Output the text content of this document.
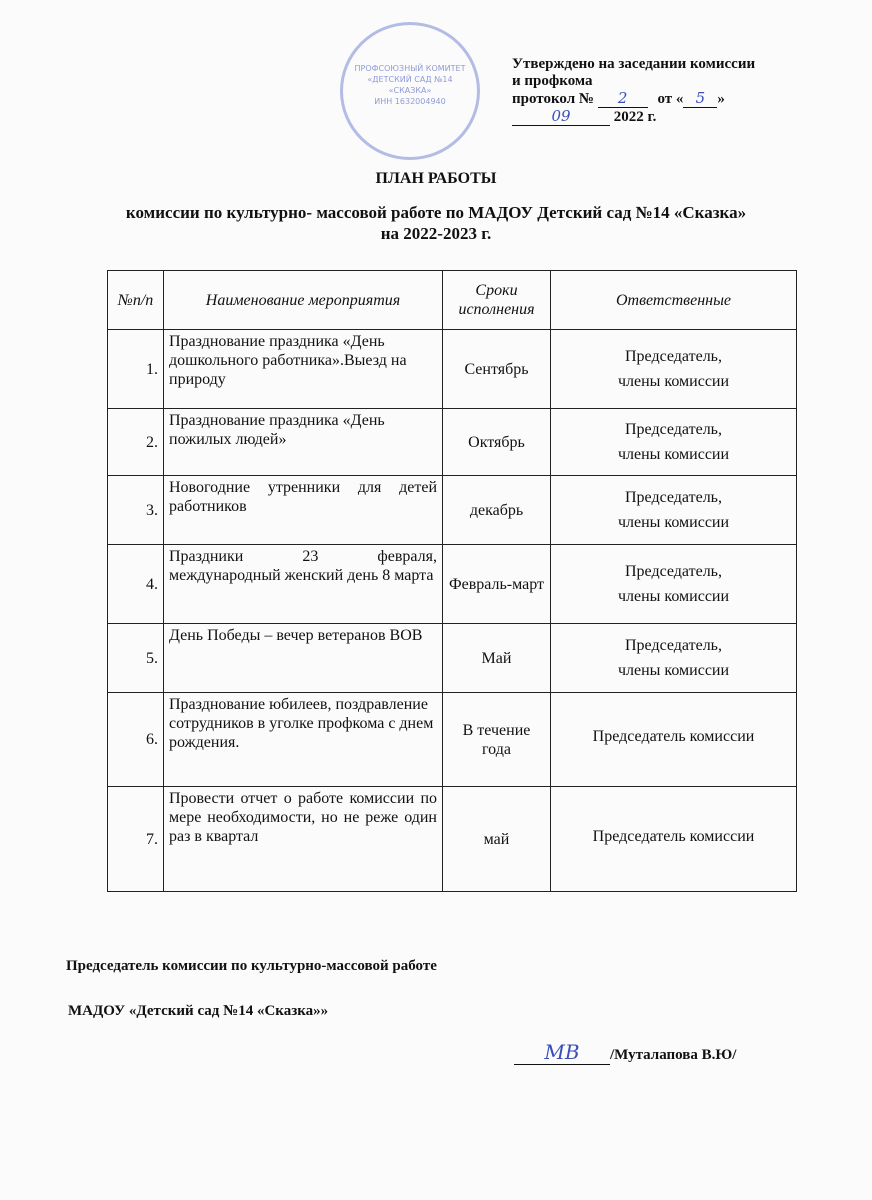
ПРОФСОЮЗНЫЙ КОМИТЕТ
«ДЕТСКИЙ САД №14
«СКАЗКА»
ИНН 1632004940
Утверждено на заседании комиссии
и профкома
протокол № 2 от « 5 »
09	2022 г.
ПЛАН РАБОТЫ
комиссии по культурно- массовой работе по МАДОУ Детский сад №14 «Сказка»
на 2022-2023 г.
№п/п	Наименование мероприятия	Сроки исполнения	Ответственные
1.	Празднование праздника «День дошкольного работника».Выезд на природу	Сентябрь	Председатель,
члены комиссии

2.	Празднование праздника «День пожилых людей»	Октябрь	Председатель,
члены комиссии

3.	Новогодние утренники для детей работников	декабрь	Председатель,
члены комиссии

4.	Праздники 23 февраля, международный женский день 8 марта	Февраль-март	Председатель,
члены комиссии

5.	День Победы – вечер ветеранов ВОВ	Май	Председатель,
члены комиссии

6.	Празднование юбилеев, поздравление сотрудников в уголке профкома с днем рождения.	В течение года	Председатель комиссии

7.	Провести отчет о работе комиссии по мере необходимости, но не реже один раз в квартал	май	Председатель комиссии
Председатель комиссии по культурно-массовой работе
МАДОУ «Детский сад №14 «Сказка»»
МВ /Муталапова В.Ю/
